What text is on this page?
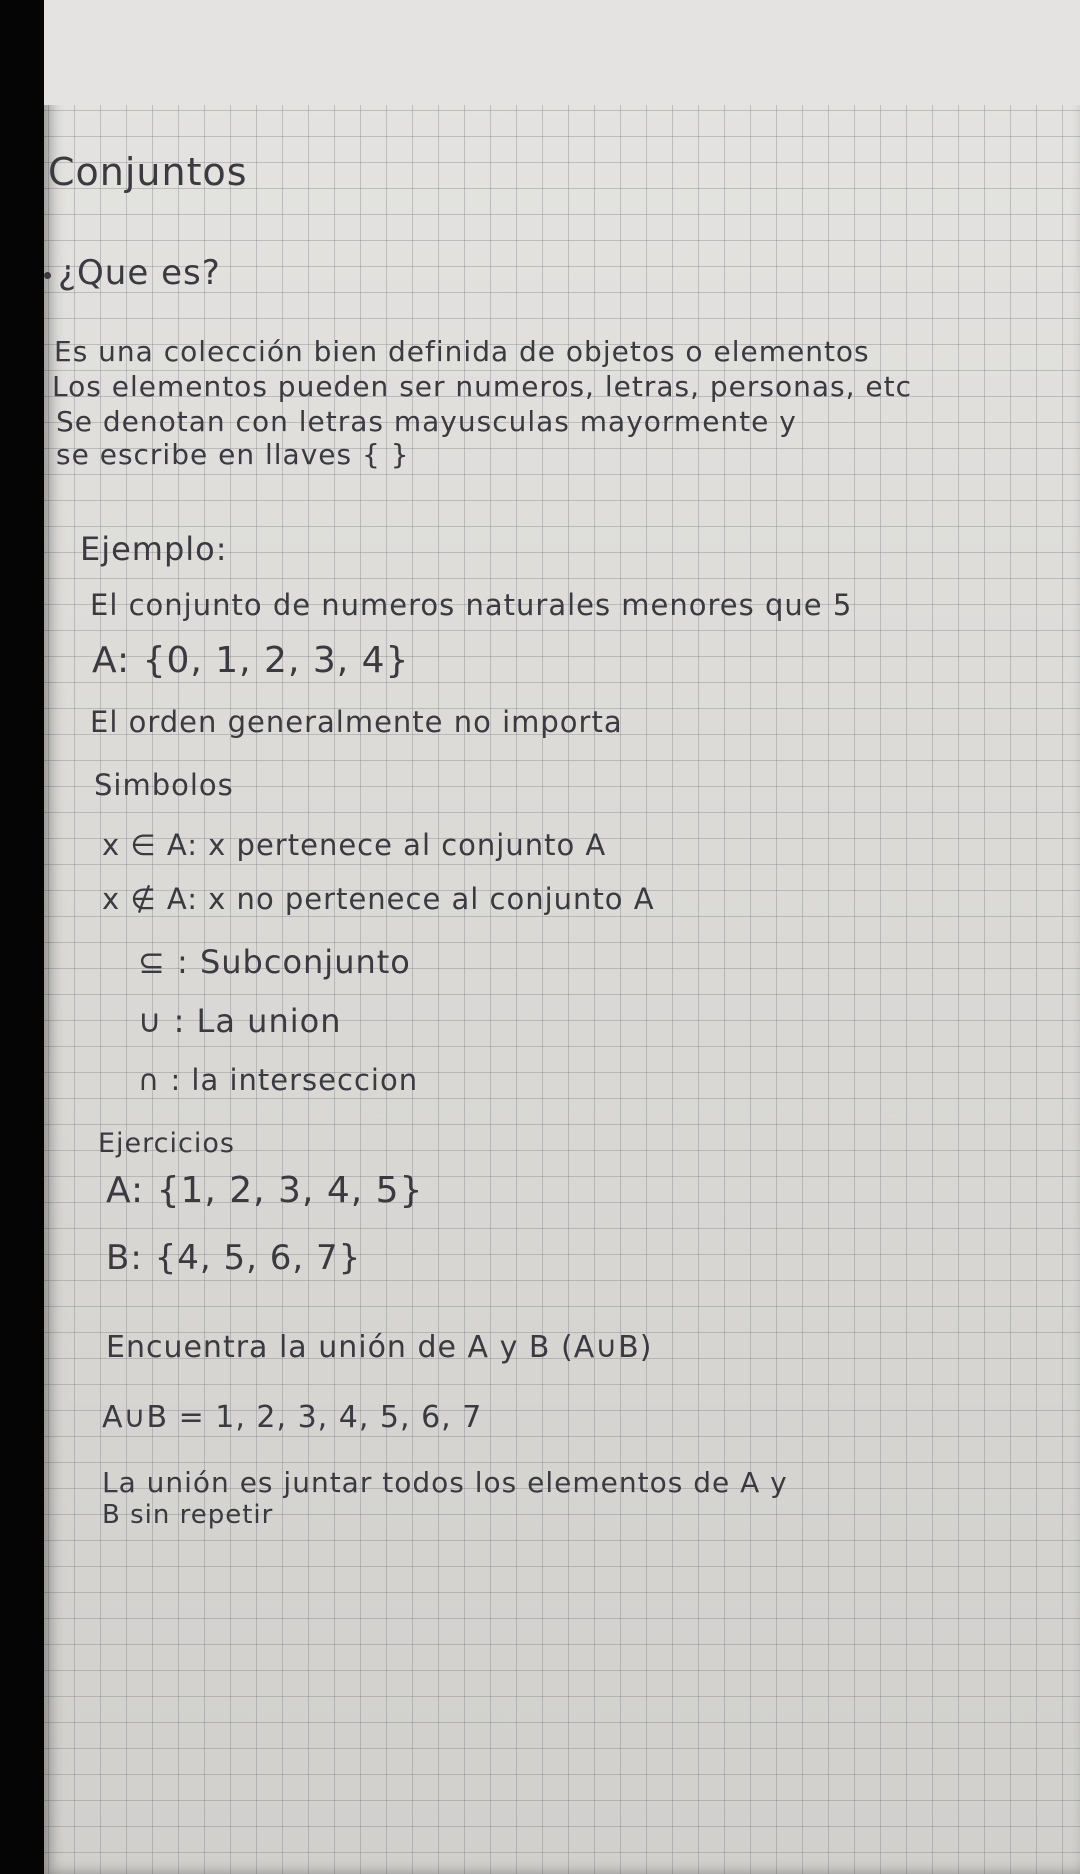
Conjuntos
¿Que es?
Es una colección bien definida de objetos o elementos
Los elementos pueden ser numeros, letras, personas, etc
Se denotan con letras mayusculas mayormente y
se escribe en llaves { }
Ejemplo:
El conjunto de numeros naturales menores que 5
A: {0, 1, 2, 3, 4}
El orden generalmente no importa
Simbolos
x ∈ A: x pertenece al conjunto A
x ∉ A: x no pertenece al conjunto A
⊆ : Subconjunto
∪ : La union
∩ : la interseccion
Ejercicios
A: {1, 2, 3, 4, 5}
B: {4, 5, 6, 7}
Encuentra la unión de A y B (A∪B)
A∪B = 1, 2, 3, 4, 5, 6, 7
La unión es juntar todos los elementos de A y
B sin repetir
